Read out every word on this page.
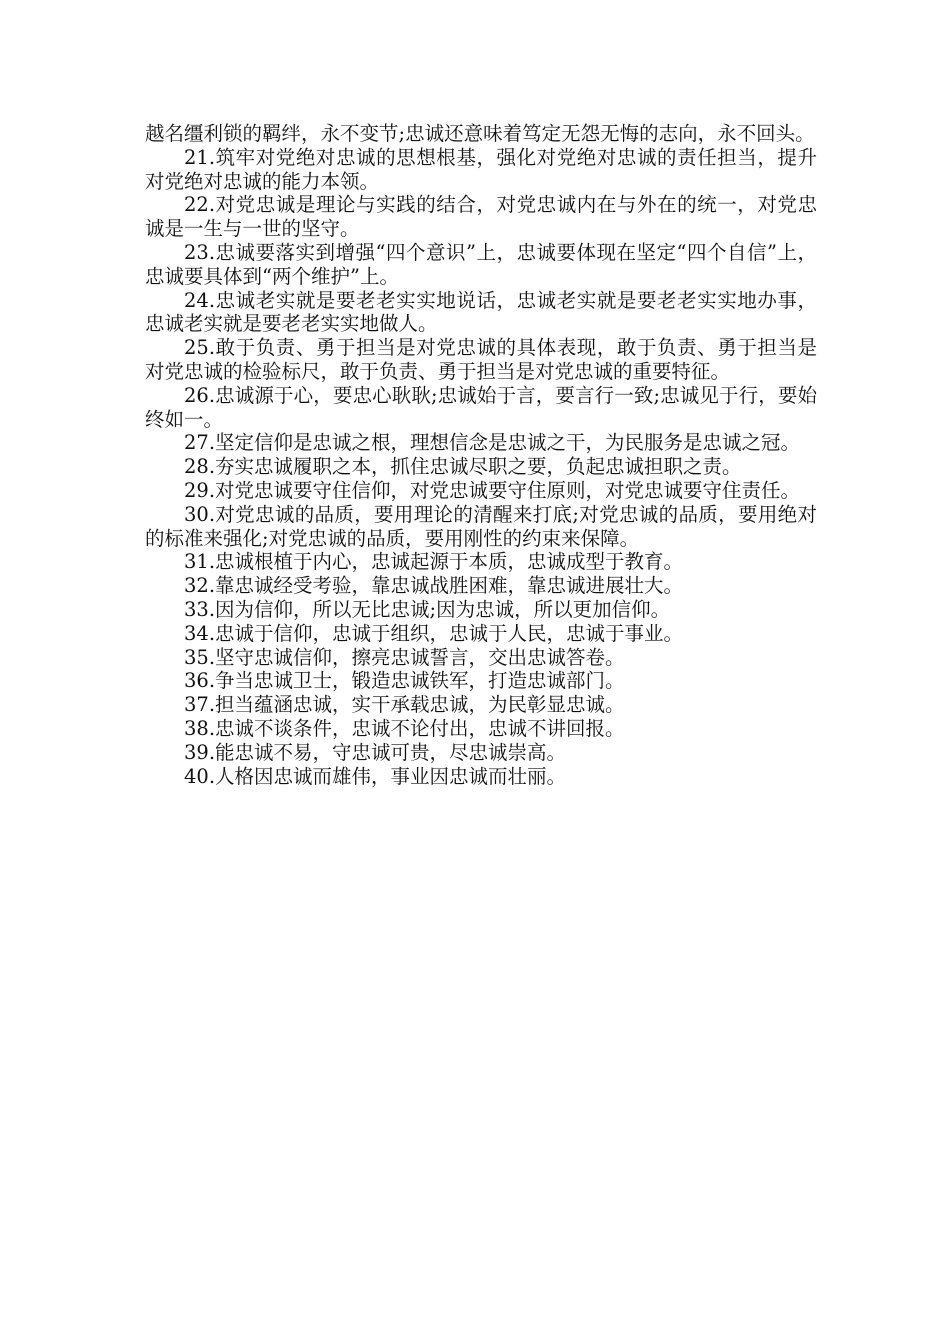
越名缰利锁的羁绊，永不变节;忠诚还意味着笃定无怨无悔的志向，永不回头。

21.筑牢对党绝对忠诚的思想根基，强化对党绝对忠诚的责任担当，提升对党绝对忠诚的能力本领。

22.对党忠诚是理论与实践的结合，对党忠诚内在与外在的统一，对党忠诚是一生与一世的坚守。

23.忠诚要落实到增强“四个意识”上，忠诚要体现在坚定“四个自信”上，忠诚要具体到“两个维护”上。

24.忠诚老实就是要老老实实地说话，忠诚老实就是要老老实实地办事，忠诚老实就是要老老实实地做人。

25.敢于负责、勇于担当是对党忠诚的具体表现，敢于负责、勇于担当是对党忠诚的检验标尺，敢于负责、勇于担当是对党忠诚的重要特征。

26.忠诚源于心，要忠心耿耿;忠诚始于言，要言行一致;忠诚见于行，要始终如一。

27.坚定信仰是忠诚之根，理想信念是忠诚之干，为民服务是忠诚之冠。

28.夯实忠诚履职之本，抓住忠诚尽职之要，负起忠诚担职之责。

29.对党忠诚要守住信仰，对党忠诚要守住原则，对党忠诚要守住责任。

30.对党忠诚的品质，要用理论的清醒来打底;对党忠诚的品质，要用绝对的标准来强化;对党忠诚的品质，要用刚性的约束来保障。

31.忠诚根植于内心，忠诚起源于本质，忠诚成型于教育。

32.靠忠诚经受考验，靠忠诚战胜困难，靠忠诚进展壮大。

33.因为信仰，所以无比忠诚;因为忠诚，所以更加信仰。

34.忠诚于信仰，忠诚于组织，忠诚于人民，忠诚于事业。

35.坚守忠诚信仰，擦亮忠诚誓言，交出忠诚答卷。

36.争当忠诚卫士，锻造忠诚铁军，打造忠诚部门。

37.担当蕴涵忠诚，实干承载忠诚，为民彰显忠诚。

38.忠诚不谈条件，忠诚不论付出，忠诚不讲回报。

39.能忠诚不易，守忠诚可贵，尽忠诚崇高。

40.人格因忠诚而雄伟，事业因忠诚而壮丽。
